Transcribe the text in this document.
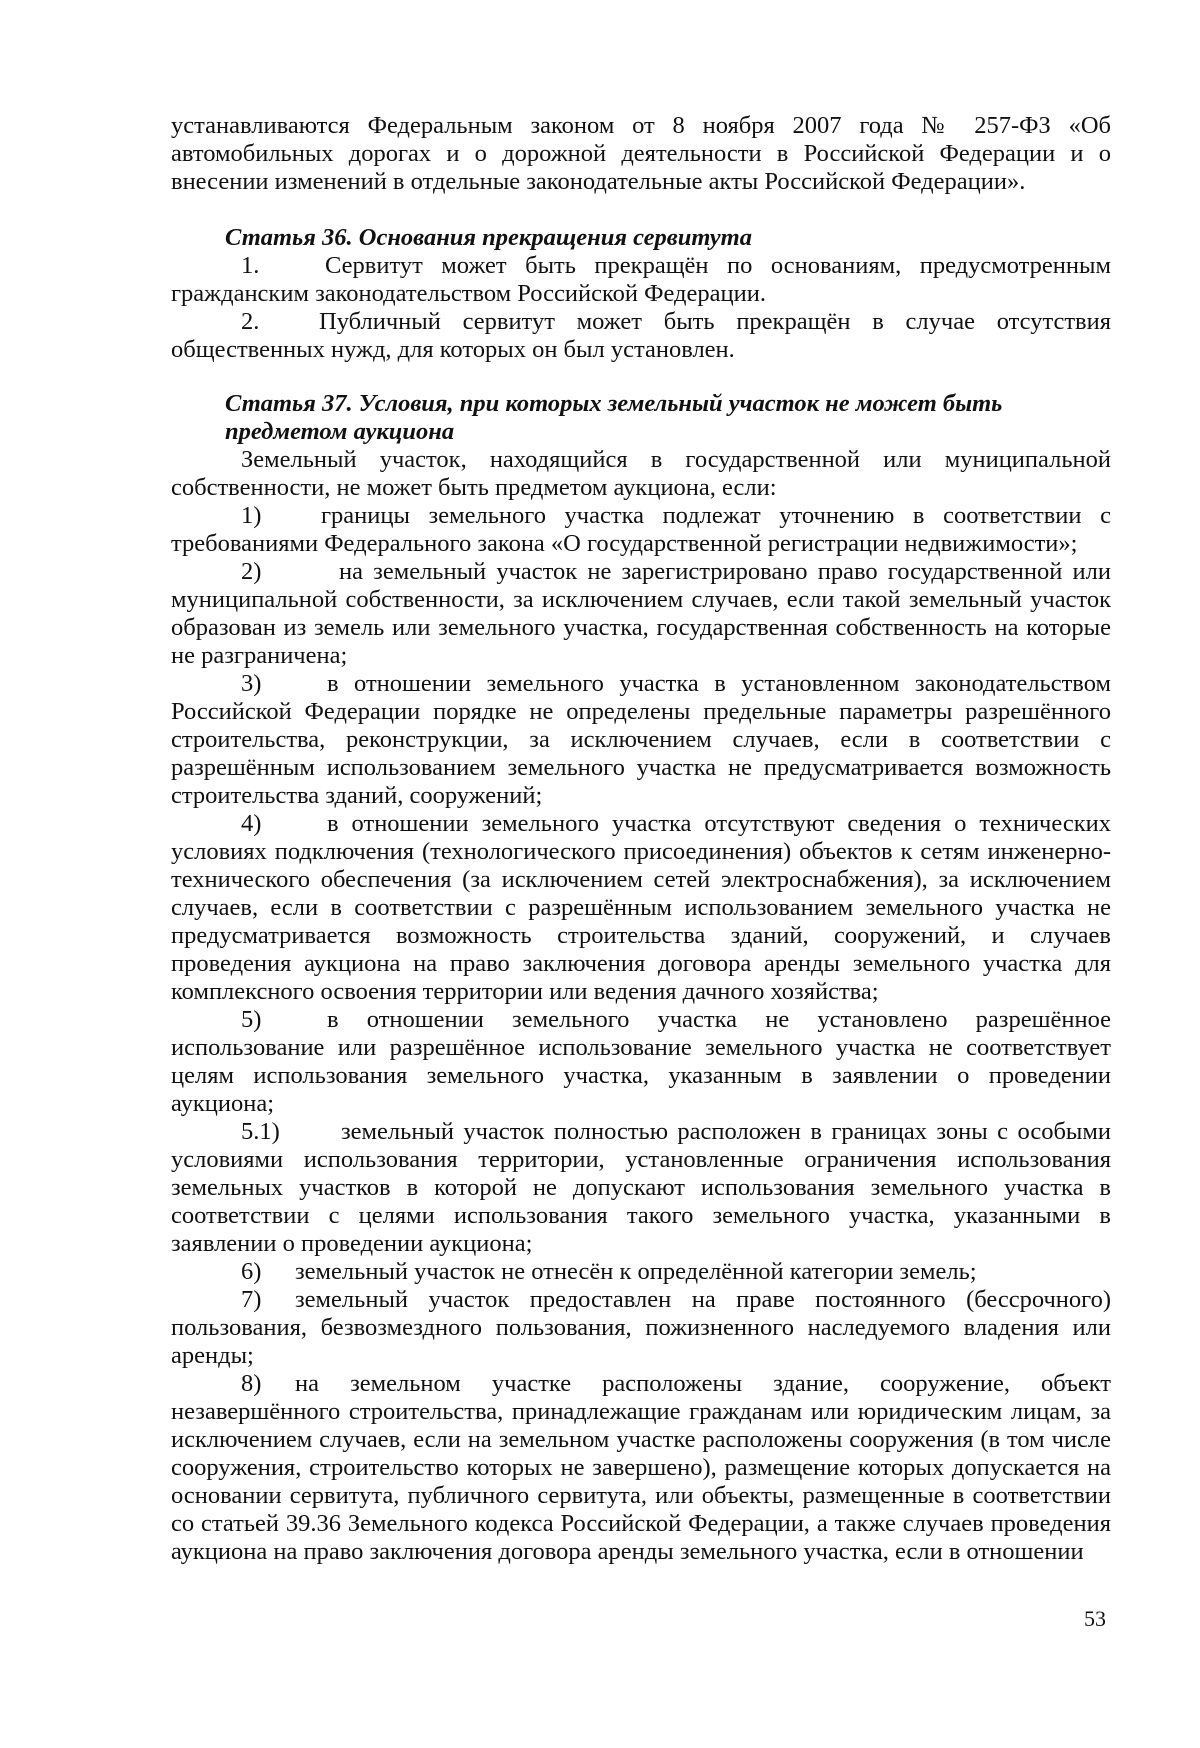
устанавливаются Федеральным законом от 8 ноября 2007 года № 257-ФЗ «Об автомобильных дорогах и о дорожной деятельности в Российской Федерации и о внесении изменений в отдельные законодательные акты Российской Федерации».

Статья 36. Основания прекращения сервитута

1.	Сервитут может быть прекращён по основаниям, предусмотренным гражданским законодательством Российской Федерации.

2. Публичный сервитут может быть прекращён в случае отсутствия общественных нужд, для которых он был установлен.

Статья 37. Условия, при которых земельный участок не может быть предметом аукциона

Земельный участок, находящийся в государственной или муниципальной собственности, не может быть предметом аукциона, если:

1) границы земельного участка подлежат уточнению в соответствии с требованиями Федерального закона «О государственной регистрации недвижимости»;

2)	на земельный участок не зарегистрировано право государственной или муниципальной собственности, за исключением случаев, если такой земельный участок образован из земель или земельного участка, государственная собственность на которые не разграничена;

3)	в отношении земельного участка в установленном законодательством Российской Федерации порядке не определены предельные параметры разрешённого строительства, реконструкции, за исключением случаев, если в соответствии с разрешённым использованием земельного участка не предусматривается возможность строительства зданий, сооружений;

4)	в отношении земельного участка отсутствуют сведения о технических условиях подключения (технологического присоединения) объектов к сетям инженерно-технического обеспечения (за исключением сетей электроснабжения), за исключением случаев, если в соответствии с разрешённым использованием земельного участка не предусматривается возможность строительства зданий, сооружений, и случаев проведения аукциона на право заключения договора аренды земельного участка для комплексного освоения территории или ведения дачного хозяйства;

5)	в отношении земельного участка не установлено разрешённое использование или разрешённое использование земельного участка не соответствует целям использования земельного участка, указанным в заявлении о проведении аукциона;

5.1) земельный участок полностью расположен в границах зоны с особыми условиями использования территории, установленные ограничения использования земельных участков в которой не допускают использования земельного участка в соответствии с целями использования такого земельного участка, указанными в заявлении о проведении аукциона;

6) земельный участок не отнесён к определённой категории земель;

7) земельный участок предоставлен на праве постоянного (бессрочного) пользования, безвозмездного пользования, пожизненного наследуемого владения или аренды;

8) на земельном участке расположены здание, сооружение, объект незавершённого строительства, принадлежащие гражданам или юридическим лицам, за исключением случаев, если на земельном участке расположены сооружения (в том числе сооружения, строительство которых не завершено), размещение которых допускается на основании сервитута, публичного сервитута, или объекты, размещенные в соответствии со статьей 39.36 Земельного кодекса Российской Федерации, а также случаев проведения аукциона на право заключения договора аренды земельного участка, если в отношении

53
